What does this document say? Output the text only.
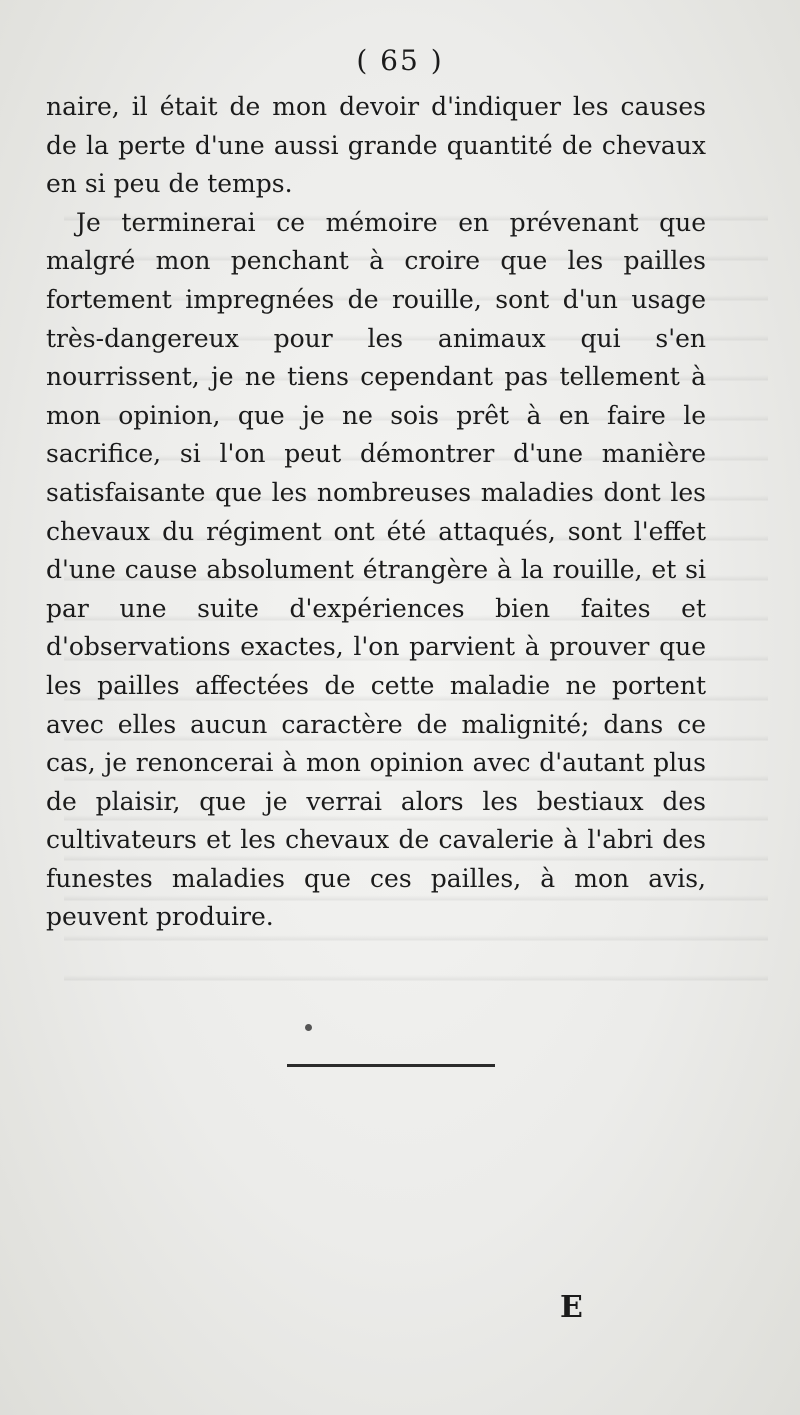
( 65 )

naire, il était de mon devoir d'indiquer les causes de la perte d'une aussi grande quantité de chevaux en si peu de temps.

Je terminerai ce mémoire en prévenant que malgré mon penchant à croire que les pailles fortement impregnées de rouille, sont d'un usage très-dangereux pour les animaux qui s'en nourrissent, je ne tiens cependant pas tellement à mon opinion, que je ne sois prêt à en faire le sacrifice, si l'on peut démontrer d'une manière satisfaisante que les nombreuses maladies dont les chevaux du régiment ont été attaqués, sont l'effet d'une cause absolument étrangère à la rouille, et si par une suite d'expériences bien faites et d'observations exactes, l'on parvient à prouver que les pailles affectées de cette maladie ne portent avec elles aucun caractère de malignité; dans ce cas, je renoncerai à mon opinion avec d'autant plus de plaisir, que je verrai alors les bestiaux des cultivateurs et les chevaux de cavalerie à l'abri des funestes maladies que ces pailles, à mon avis, peuvent produire.

E
